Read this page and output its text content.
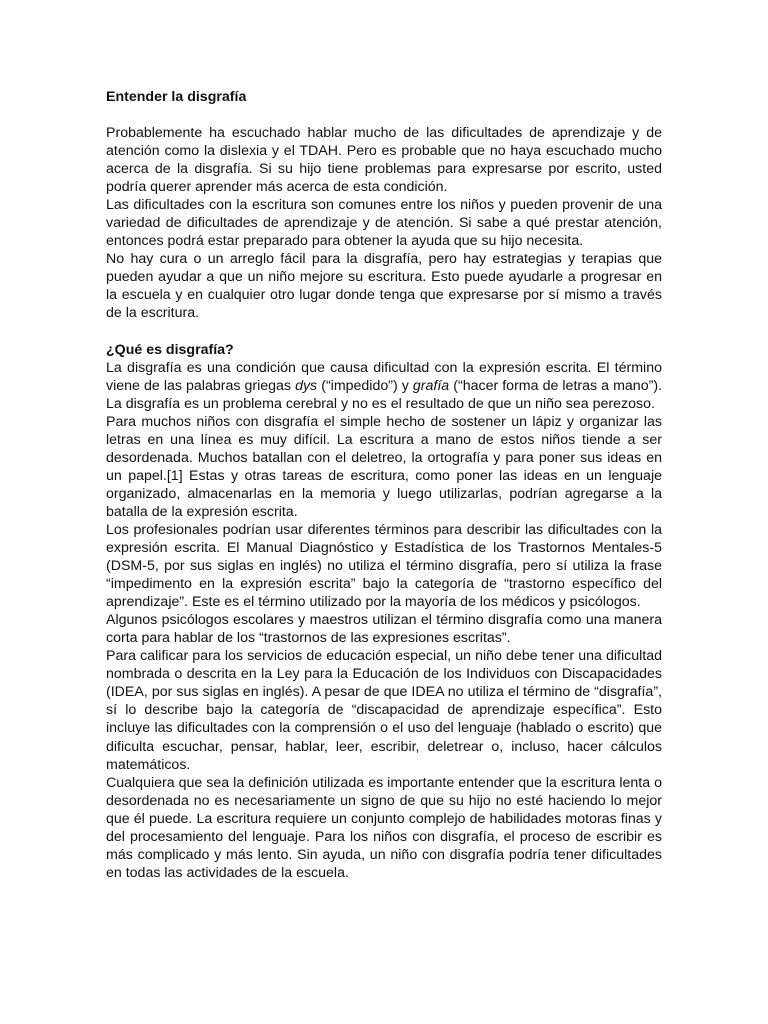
Entender la disgrafía

Probablemente ha escuchado hablar mucho de las dificultades de aprendizaje y de atención como la dislexia y el TDAH. Pero es probable que no haya escuchado mucho acerca de la disgrafía. Si su hijo tiene problemas para expresarse por escrito, usted podría querer aprender más acerca de esta condición.

Las dificultades con la escritura son comunes entre los niños y pueden provenir de una variedad de dificultades de aprendizaje y de atención. Si sabe a qué prestar atención, entonces podrá estar preparado para obtener la ayuda que su hijo necesita.

No hay cura o un arreglo fácil para la disgrafía, pero hay estrategias y terapias que pueden ayudar a que un niño mejore su escritura. Esto puede ayudarle a progresar en la escuela y en cualquier otro lugar donde tenga que expresarse por sí mismo a través de la escritura.

¿Qué es disgrafía?

La disgrafía es una condición que causa dificultad con la expresión escrita. El término viene de las palabras griegas dys (“impedido”) y grafía (“hacer forma de letras a mano”). La disgrafía es un problema cerebral y no es el resultado de que un niño sea perezoso.

Para muchos niños con disgrafía el simple hecho de sostener un lápiz y organizar las letras en una línea es muy difícil. La escritura a mano de estos niños tiende a ser desordenada. Muchos batallan con el deletreo, la ortografía y para poner sus ideas en un papel.[1] Estas y otras tareas de escritura, como poner las ideas en un lenguaje organizado, almacenarlas en la memoria y luego utilizarlas, podrían agregarse a la batalla de la expresión escrita.

Los profesionales podrían usar diferentes términos para describir las dificultades con la expresión escrita. El Manual Diagnóstico y Estadística de los Trastornos Mentales-5 (DSM-5, por sus siglas en inglés) no utiliza el término disgrafía, pero sí utiliza la frase “impedimento en la expresión escrita” bajo la categoría de “trastorno específico del aprendizaje”. Este es el término utilizado por la mayoría de los médicos y psicólogos.

Algunos psicólogos escolares y maestros utilizan el término disgrafía como una manera corta para hablar de los “trastornos de las expresiones escritas”.

Para calificar para los servicios de educación especial, un niño debe tener una dificultad nombrada o descrita en la Ley para la Educación de los Individuos con Discapacidades (IDEA, por sus siglas en inglés). A pesar de que IDEA no utiliza el término de “disgrafía”, sí lo describe bajo la categoría de “discapacidad de aprendizaje específica”. Esto incluye las dificultades con la comprensión o el uso del lenguaje (hablado o escrito) que dificulta escuchar, pensar, hablar, leer, escribir, deletrear o, incluso, hacer cálculos matemáticos.

Cualquiera que sea la definición utilizada es importante entender que la escritura lenta o desordenada no es necesariamente un signo de que su hijo no esté haciendo lo mejor que él puede. La escritura requiere un conjunto complejo de habilidades motoras finas y del procesamiento del lenguaje. Para los niños con disgrafía, el proceso de escribir es más complicado y más lento. Sin ayuda, un niño con disgrafía podría tener dificultades en todas las actividades de la escuela.
